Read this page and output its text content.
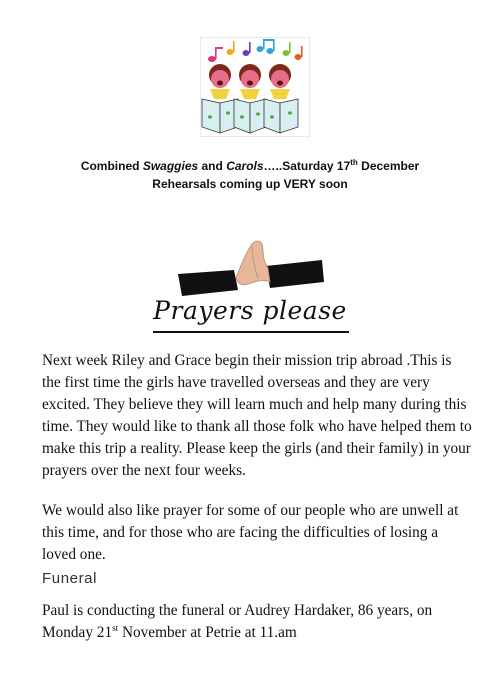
Combined Swaggies and Carols…..Saturday 17th December
Rehearsals coming up VERY soon
Prayers please
Next week Riley and Grace begin their mission trip abroad .This is the first time the girls have travelled overseas and they are very excited. They believe they will learn much and help many during this time. They would like to thank all those folk who have helped them to make this trip a reality. Please keep the girls (and their family) in your prayers over the next four weeks.
We would also like prayer for some of our people who are unwell at this time, and for those who are facing the difficulties of losing a loved one.
Funeral
Paul is conducting the funeral or Audrey Hardaker, 86 years, on Monday 21st November at Petrie at 11.am
